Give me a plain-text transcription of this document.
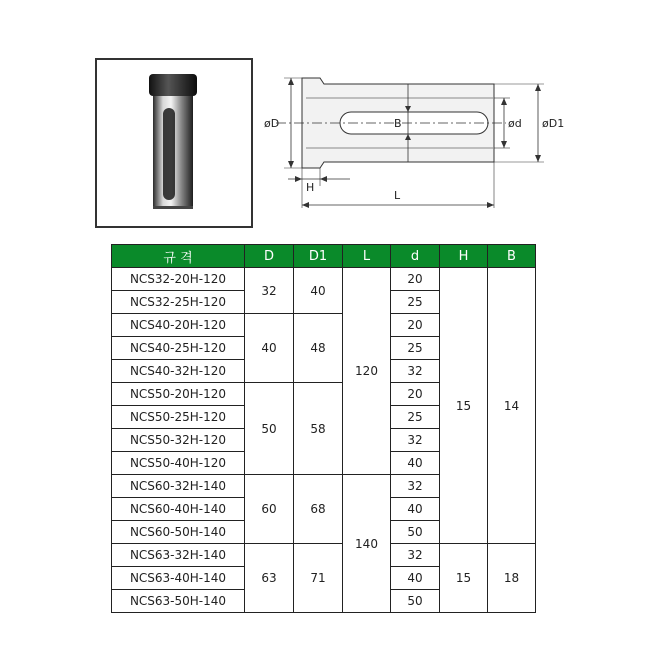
B
øD	ød øD1
H
L
규 격	D	D1	L	d	H	B
NCS32-20H-120	32	40	120	20	15	14
NCS32-25H-120				25		
NCS40-20H-120	40	48		20		
NCS40-25H-120				25		
NCS40-32H-120				32		
NCS50-20H-120	50	58		20		
NCS50-25H-120				25		
NCS50-32H-120				32		
NCS50-40H-120				40		
NCS60-32H-140	60	68	140	32		
NCS60-40H-140				40		
NCS60-50H-140				50		
NCS63-32H-140	63	71		32	15	18
NCS63-40H-140				40		
NCS63-50H-140				50		
